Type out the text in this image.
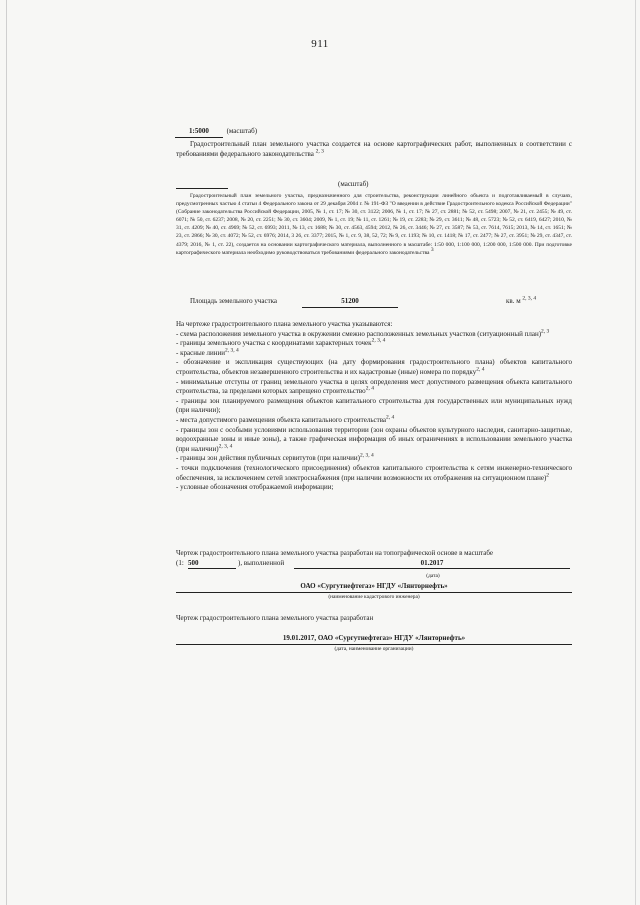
911
1:5000	(масштаб)
Градостроительный план земельного участка создается на основе картографических работ, выполненных в соответствии с требованиями федерального законодательства $^{2, 3}$
(масштаб)
Градостроительный план земельного участка, предназначенного для строительства, реконструкции линейного объекта и подготавливаемый в случаях, предусмотренных частью 4 статьи 4 Федерального закона от 29 декабря 2004 г. № 191-ФЗ "О введении в действие Градостроительного кодекса Российской Федерации" (Собрание законодательства Российской Федерации, 2005, № 1, ст. 17; № 30, ст. 3122; 2006, № 1, ст. 17; № 27, ст. 2881; № 52, ст. 5498; 2007, № 21, ст. 2455; № 49, ст. 6071; № 50, ст. 6237; 2008, № 20, ст. 2251; № 30, ст. 3604; 2009, № 1, ст. 19; № 11, ст. 1261; № 19, ст. 2283; № 29, ст. 3611; № 48, ст. 5723; № 52, ст. 6419, 6427; 2010, № 31, ст. 4209; № 40, ст. 4969; № 52, ст. 6993; 2011, № 13, ст. 1688; № 30, ст. 4563, 4594; 2012, № 26, ст. 3446; № 27, ст. 3587; № 53, ст. 7614, 7615; 2013, № 14, ст. 1651; № 23, ст. 2866; № 30, ст. 4072; № 52, ст. 6976; 2014, 3 26, ст. 3377; 2015, № 1, ст. 9, 38, 52, 72; № 9, ст. 1193; № 10, ст. 1418; № 17, ст. 2477; № 27, ст. 3951; № 29, ст. 4347, ст. 4379; 2016, № 1, ст. 22), создается на основании картографического материала, выполненного в масштабе: 1:50 000, 1:100 000, 1:200 000, 1:500 000. При подготовке картографического материала необходимо руководствоваться требованиями федерального законодательства 3
Площадь земельного участка	51200	кв. м $^{2, 3, 4}$
На чертеже градостроительного плана земельного участка указываются:
- схема расположения земельного участка в окружении смежно расположенных земельных участков (ситуационный план)$^{2, 3}$
- границы земельного участка с координатами характерных точек$^{2, 3, 4}$
- красные линии$^{2, 3, 4}$
- обозначение и экспликация существующих (на дату формирования градостроительного плана) объектов капитального строительства, объектов незавершенного строительства и их кадастровые (иные) номера по порядку$^{2, 4}$
- минимальные отступы от границ земельного участка в целях определения мест допустимого размещения объекта капитального строительства, за пределами которых запрещено строительство$^{2, 4}$
- границы зон планируемого размещения объектов капитального строительства для государственных или муниципальных нужд (при наличии);
- места допустимого размещения объекта капитального строительства$^{2, 4}$
- границы зон с особыми условиями использования территории (зон охраны объектов культурного наследия, санитарно-защитные, водоохранные зоны и иные зоны), а также графическая информация об иных ограничениях в использовании земельного участка (при наличии)$^{2, 3, 4}$
- границы зон действия публичных сервитутов (при наличии)$^{2, 3, 4}$
- точки подключения (технологического присоединения) объектов капитального строительства к сетям инженерно-технического обеспечения, за исключением сетей электроснабжения (при наличии возможности их отображения на ситуационном плане)$^2$
- условные обозначения отображаемой информации;
Чертеж градостроительного плана земельного участка разработан на топографической основе в масштабе
(1: 500	), выполненной	01.2017
(дата)
ОАО «Сургутнефтегаз» НГДУ «Лянторнефть»
(наименование кадастрового инженера)
Чертеж градостроительного плана земельного участка разработан
19.01.2017, ОАО «Сургутнефтегаз» НГДУ «Лянторнефть»
(дата, наименование организации)
